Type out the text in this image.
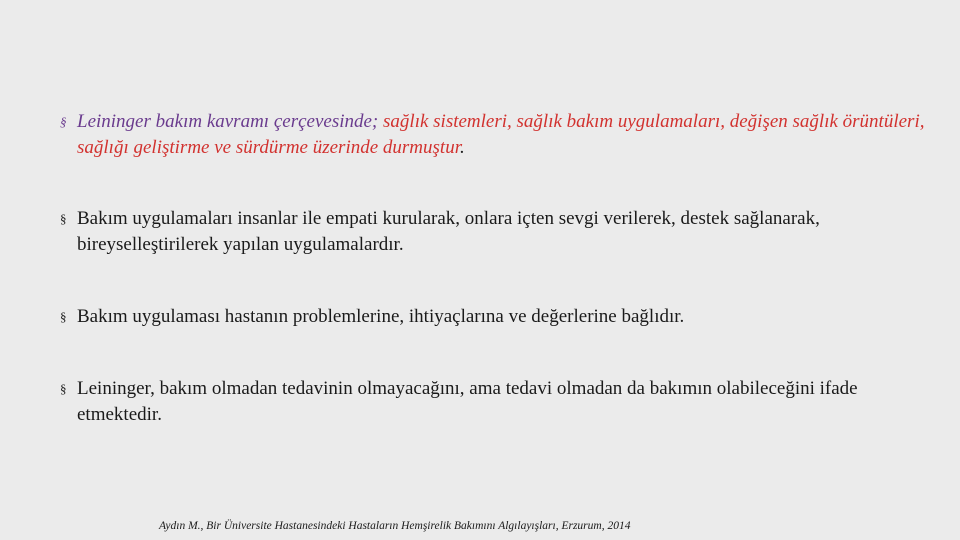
§ Leininger bakım kavramı çerçevesinde; sağlık sistemleri, sağlık bakım uygulamaları, değişen sağlık örüntüleri, sağlığı geliştirme ve sürdürme üzerinde durmuştur.
§ Bakım uygulamaları insanlar ile empati kurularak, onlara içten sevgi verilerek, destek sağlanarak, bireyselleştirilerek yapılan uygulamalardır.
§ Bakım uygulaması hastanın problemlerine, ihtiyaçlarına ve değerlerine bağlıdır.
§ Leininger, bakım olmadan tedavinin olmayacağını, ama tedavi olmadan da bakımın olabileceğini ifade etmektedir.
Aydın M., Bir Üniversite Hastanesindeki Hastaların Hemşirelik Bakımını Algılayışları, Erzurum, 2014
